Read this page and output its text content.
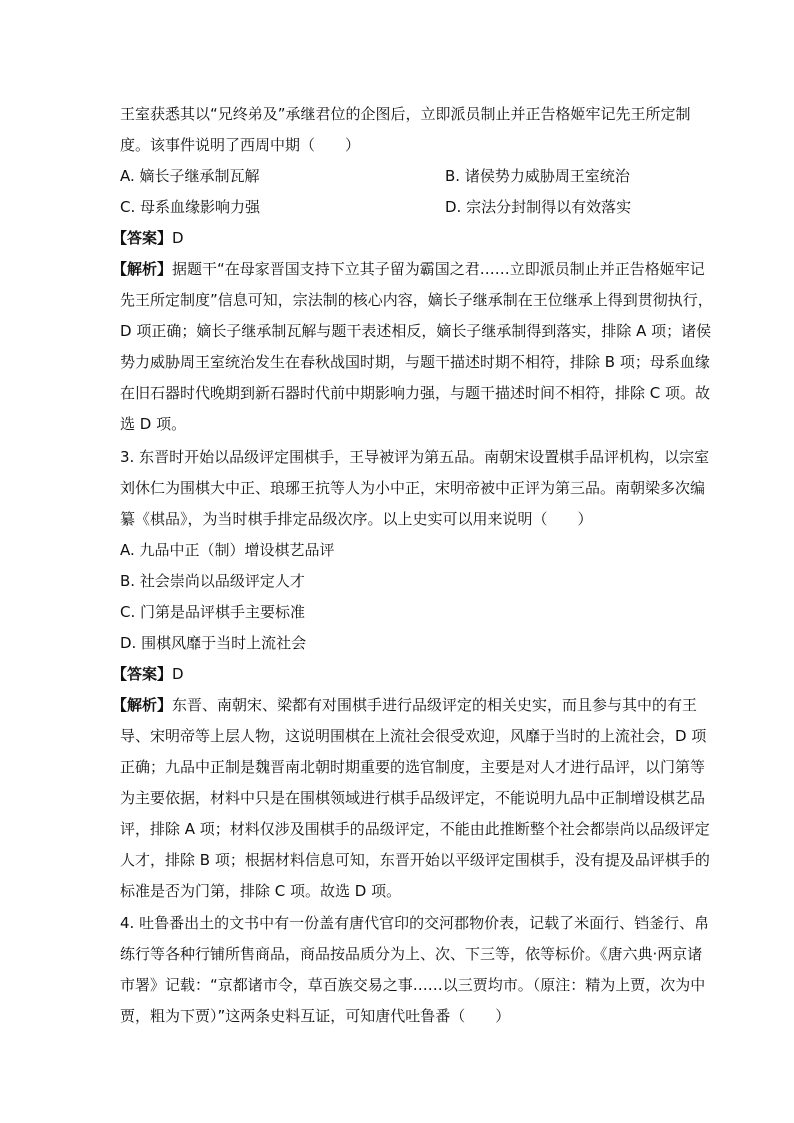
王室获悉其以“兄终弟及”承继君位的企图后，立即派员制止并正告格姬牢记先王所定制
度。该事件说明了西周中期（　　）
A. 嫡长子继承制瓦解	B. 诸侯势力威胁周王室统治
C. 母系血缘影响力强	D. 宗法分封制得以有效落实
【答案】D
【解析】据题干“在母家晋国支持下立其子留为霸国之君……立即派员制止并正告格姬牢记
先王所定制度”信息可知，宗法制的核心内容，嫡长子继承制在王位继承上得到贯彻执行，
D 项正确；嫡长子继承制瓦解与题干表述相反，嫡长子继承制得到落实，排除 A 项；诸侯
势力威胁周王室统治发生在春秋战国时期，与题干描述时期不相符，排除 B 项；母系血缘
在旧石器时代晚期到新石器时代前中期影响力强，与题干描述时间不相符，排除 C 项。故
选 D 项。
3. 东晋时开始以品级评定围棋手，王导被评为第五品。南朝宋设置棋手品评机构，以宗室
刘休仁为围棋大中正、琅琊王抗等人为小中正，宋明帝被中正评为第三品。南朝梁多次编
纂《棋品》，为当时棋手排定品级次序。以上史实可以用来说明（　　）
A. 九品中正（制）增设棋艺品评
B. 社会崇尚以品级评定人才
C. 门第是品评棋手主要标准
D. 围棋风靡于当时上流社会
【答案】D
【解析】东晋、南朝宋、梁都有对围棋手进行品级评定的相关史实，而且参与其中的有王
导、宋明帝等上层人物，这说明围棋在上流社会很受欢迎，风靡于当时的上流社会，D 项
正确；九品中正制是魏晋南北朝时期重要的选官制度，主要是对人才进行品评，以门第等
为主要依据，材料中只是在围棋领域进行棋手品级评定，不能说明九品中正制增设棋艺品
评，排除 A 项；材料仅涉及围棋手的品级评定，不能由此推断整个社会都崇尚以品级评定
人才，排除 B 项；根据材料信息可知，东晋开始以平级评定围棋手，没有提及品评棋手的
标准是否为门第，排除 C 项。故选 D 项。
4. 吐鲁番出土的文书中有一份盖有唐代官印的交河郡物价表，记载了米面行、铛釜行、帛
练行等各种行铺所售商品，商品按品质分为上、次、下三等，依等标价。《唐六典·两京诸
市署》记载：“京都诸市令，草百族交易之事……以三贾均市。（原注：精为上贾，次为中
贾，粗为下贾）”这两条史料互证，可知唐代吐鲁番（　　）
